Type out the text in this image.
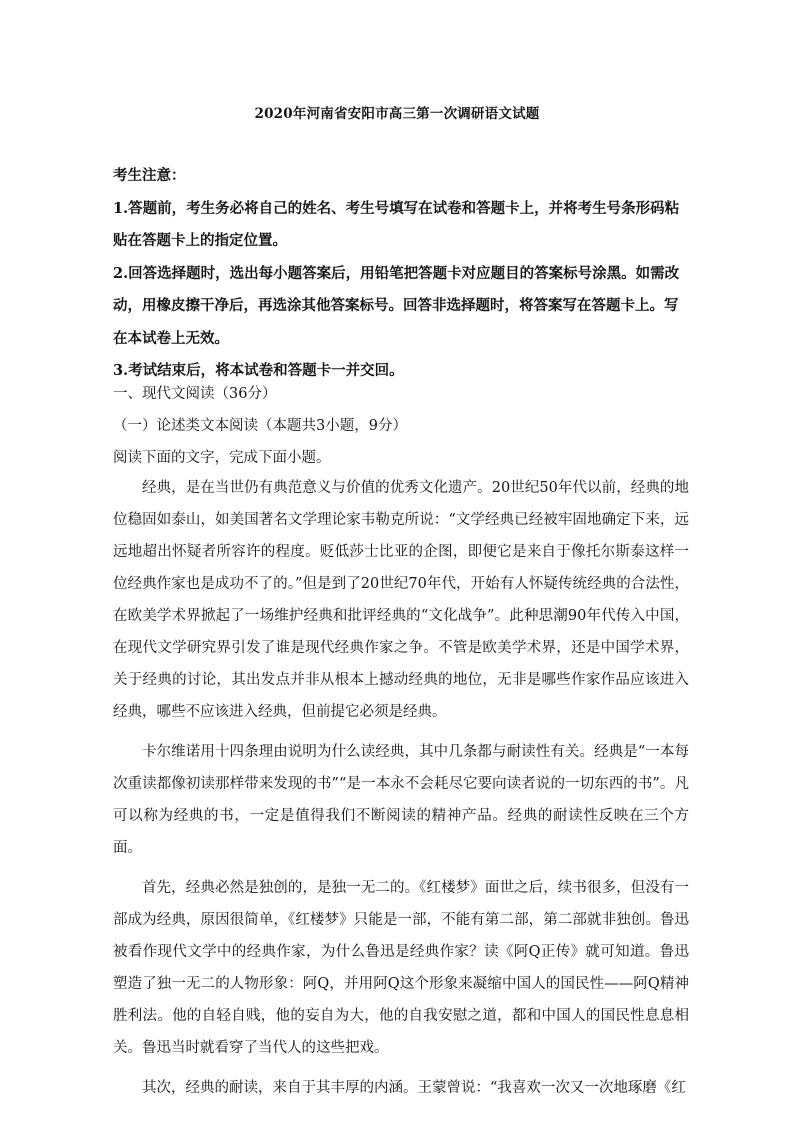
2020年河南省安阳市高三第一次调研语文试题
考生注意：
1.答题前，考生务必将自己的姓名、考生号填写在试卷和答题卡上，并将考生号条形码粘贴在答题卡上的指定位置。
2.回答选择题时，选出每小题答案后，用铅笔把答题卡对应题目的答案标号涂黑。如需改动，用橡皮擦干净后，再选涂其他答案标号。回答非选择题时，将答案写在答题卡上。写在本试卷上无效。
3.考试结束后，将本试卷和答题卡一并交回。
一、现代文阅读（36分）
（一）论述类文本阅读（本题共3小题，9分）
阅读下面的文字，完成下面小题。

经典，是在当世仍有典范意义与价值的优秀文化遗产。20世纪50年代以前，经典的地位稳固如泰山，如美国著名文学理论家韦勒克所说：“文学经典已经被牢固地确定下来，远远地超出怀疑者所容许的程度。贬低莎士比亚的企图，即便它是来自于像托尔斯泰这样一位经典作家也是成功不了的。”但是到了20世纪70年代，开始有人怀疑传统经典的合法性，在欧美学术界掀起了一场维护经典和批评经典的“文化战争”。此种思潮90年代传入中国，在现代文学研究界引发了谁是现代经典作家之争。不管是欧美学术界，还是中国学术界，关于经典的讨论，其出发点并非从根本上撼动经典的地位，无非是哪些作家作品应该进入经典，哪些不应该进入经典，但前提它必须是经典。

卡尔维诺用十四条理由说明为什么读经典，其中几条都与耐读性有关。经典是“一本每次重读都像初读那样带来发现的书”“是一本永不会耗尽它要向读者说的一切东西的书”。凡可以称为经典的书，一定是值得我们不断阅读的精神产品。经典的耐读性反映在三个方面。

首先，经典必然是独创的，是独一无二的。《红楼梦》面世之后，续书很多，但没有一部成为经典，原因很简单，《红楼梦》只能是一部，不能有第二部，第二部就非独创。鲁迅被看作现代文学中的经典作家，为什么鲁迅是经典作家？读《阿Q正传》就可知道。鲁迅塑造了独一无二的人物形象：阿Q，并用阿Q这个形象来凝缩中国人的国民性——阿Q精神胜利法。他的自轻自贱，他的妄自为大，他的自我安慰之道，都和中国人的国民性息息相关。鲁迅当时就看穿了当代人的这些把戏。

其次，经典的耐读，来自于其丰厚的内涵。王蒙曾说：“我喜欢一次又一次地琢磨《红
